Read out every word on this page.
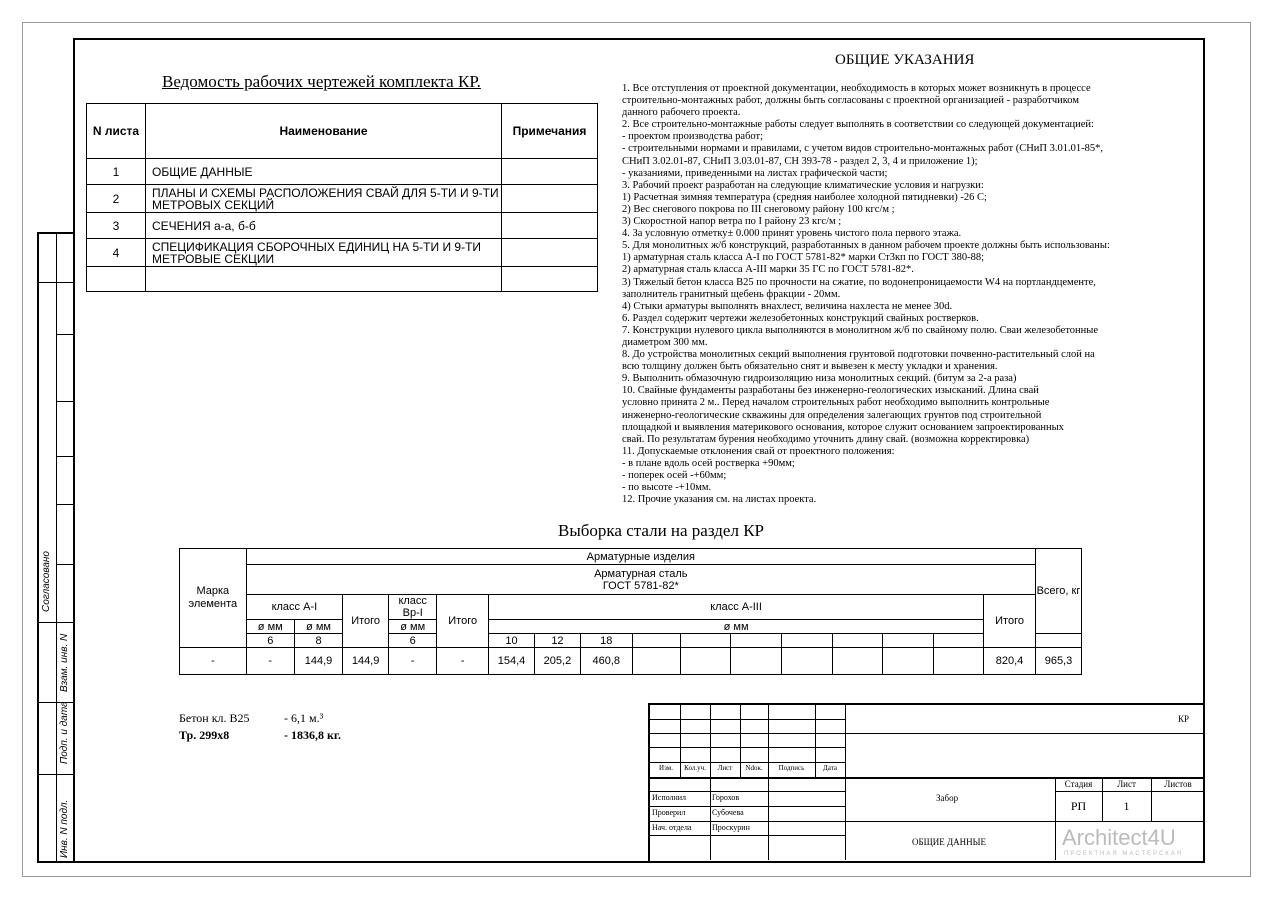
Согласовано
Взам. инв. N
Подп. и дата
Инв. N подл.
Ведомость рабочих чертежей комплекта КР.
N листа	Наименование	Примечания
1	ОБЩИЕ ДАННЫЕ	
2	ПЛАНЫ И СХЕМЫ РАСПОЛОЖЕНИЯ СВАЙ ДЛЯ 5-ТИ И 9-ТИ МЕТРОВЫХ СЕКЦИЙ	
3	СЕЧЕНИЯ а-а, б-б	
4	СПЕЦИФИКАЦИЯ СБОРОЧНЫХ ЕДИНИЦ НА 5-ТИ И 9-ТИ МЕТРОВЫЕ СЕКЦИИ	

ОБЩИЕ УКАЗАНИЯ
1. Все отступления от проектной документации, необходимость в которых может возникнуть в процессе
строительно-монтажных работ, должны быть согласованы с проектной организацией - разработчиком
данного рабочего проекта.
2. Все строительно-монтажные работы следует выполнять в соответствии со следующей документацией:
- проектом производства работ;
- строительными нормами и правилами, с учетом видов строительно-монтажных работ (СНиП 3.01.01-85*,
СНиП 3.02.01-87, СНиП 3.03.01-87, СН 393-78 - раздел 2, 3, 4 и приложение 1);
- указаниями, приведенными на листах графической части;
3. Рабочий проект разработан на следующие климатические условия и нагрузки:
1) Расчетная зимняя температура (средняя наиболее холодной пятидневки) -26 С;
2) Вес снегового покрова по III снеговому району 100 кгс/м ;
3) Скоростной напор ветра по I району 23 кгс/м ;
4. За условную отметку± 0.000 принят уровень чистого пола первого этажа.
5. Для монолитных ж/б конструкций, разработанных в данном рабочем проекте должны быть использованы:
1) арматурная сталь класса А-I по ГОСТ 5781-82* марки Ст3кп по ГОСТ 380-88;
2) арматурная сталь класса А-III марки 35 ГС по ГОСТ 5781-82*.
3) Тяжелый бетон класса В25 по прочности на сжатие, по водонепроницаемости W4 на портландцементе,
заполнитель гранитный щебень фракции - 20мм.
4) Стыки арматуры выполнять внахлест, величина нахлеста не менее 30d.
6. Раздел содержит чертежи железобетонных конструкций свайных ростверков.
7. Конструкции нулевого цикла выполняются в монолитном ж/б по свайному полю. Сваи железобетонные
диаметром 300 мм.
8. До устройства монолитных секций выполнения грунтовой подготовки почвенно-растительный слой на
всю толщину должен быть обязательно снят и вывезен к месту укладки и хранения.
9. Выполнить обмазочную гидроизоляцию низа монолитных секций. (битум за 2-а раза)
10. Свайные фундаменты разработаны без инженерно-геологических изысканий. Длина свай
условно принята 2 м.. Перед началом строительных работ необходимо выполнить контрольные
инженерно-геологические скважины для определения залегающих грунтов под строительной
площадкой и выявления материкового основания, которое служит основанием запроектированных
свай. По результатам бурения необходимо уточнить длину свай. (возможна корректировка)
11. Допускаемые отклонения свай от проектного положения:
- в плане вдоль осей ростверка +90мм;
- поперек осей -+60мм;
- по высоте -+10мм.
12. Прочие указания см. на листах проекта.
Выборка стали на раздел КР
Марка элемента	Арматурные изделия																Всего, кг

	Арматурная сталь
ГОСТ 5781-82*																

	класс А-I		Итого	класс Вр-I	Итого	класс А-III										Итого	
	ø мм	ø мм		ø мм		ø мм											
	6	8		6		10	12	18									
-	-	144,9	144,9	-	-	154,4	205,2	460,8								820,4	965,3
Бетон кл. В25	- 6,1 м.³
Тр. 299х8	- 1836,8 кг.
Изм.	Кол.уч.	Лист	Ndок.	Подпись	Дата
Исполнил	Горохов
Проверил	Субочева
Нач. отдела	Проскурин
КР
Забор
ОБЩИЕ ДАННЫЕ
Стадия	Лист	Листов
РП	1
Architect4U
ПРОЕКТНАЯ МАСТЕРСКАЯ
